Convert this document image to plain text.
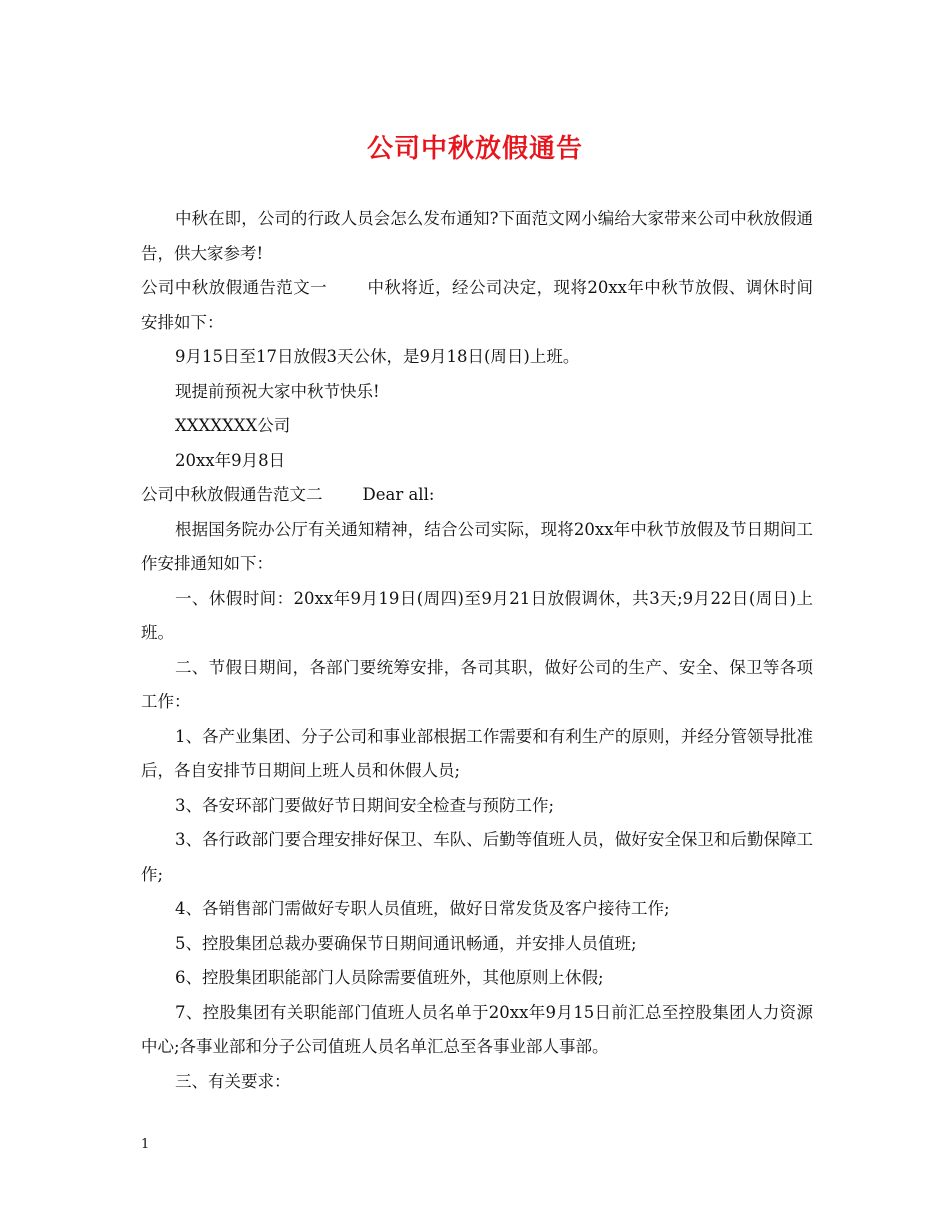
公司中秋放假通告

中秋在即，公司的行政人员会怎么发布通知?下面范文网小编给大家带来公司中秋放假通告，供大家参考!

公司中秋放假通告范文一 中秋将近，经公司决定，现将20xx年中秋节放假、调休时间安排如下：

9月15日至17日放假3天公休，是9月18日(周日)上班。

现提前预祝大家中秋节快乐!

XXXXXXX公司

20xx年9月8日

公司中秋放假通告范文二 Dear all:

根据国务院办公厅有关通知精神，结合公司实际，现将20xx年中秋节放假及节日期间工作安排通知如下：

一、休假时间：20xx年9月19日(周四)至9月21日放假调休，共3天;9月22日(周日)上班。

二、节假日期间，各部门要统筹安排，各司其职，做好公司的生产、安全、保卫等各项工作：

1、各产业集团、分子公司和事业部根据工作需要和有利生产的原则，并经分管领导批准后，各自安排节日期间上班人员和休假人员;

3、各安环部门要做好节日期间安全检查与预防工作;

3、各行政部门要合理安排好保卫、车队、后勤等值班人员，做好安全保卫和后勤保障工作;

4、各销售部门需做好专职人员值班，做好日常发货及客户接待工作;

5、控股集团总裁办要确保节日期间通讯畅通，并安排人员值班;

6、控股集团职能部门人员除需要值班外，其他原则上休假;

7、控股集团有关职能部门值班人员名单于20xx年9月15日前汇总至控股集团人力资源中心;各事业部和分子公司值班人员名单汇总至各事业部人事部。

三、有关要求：

1
